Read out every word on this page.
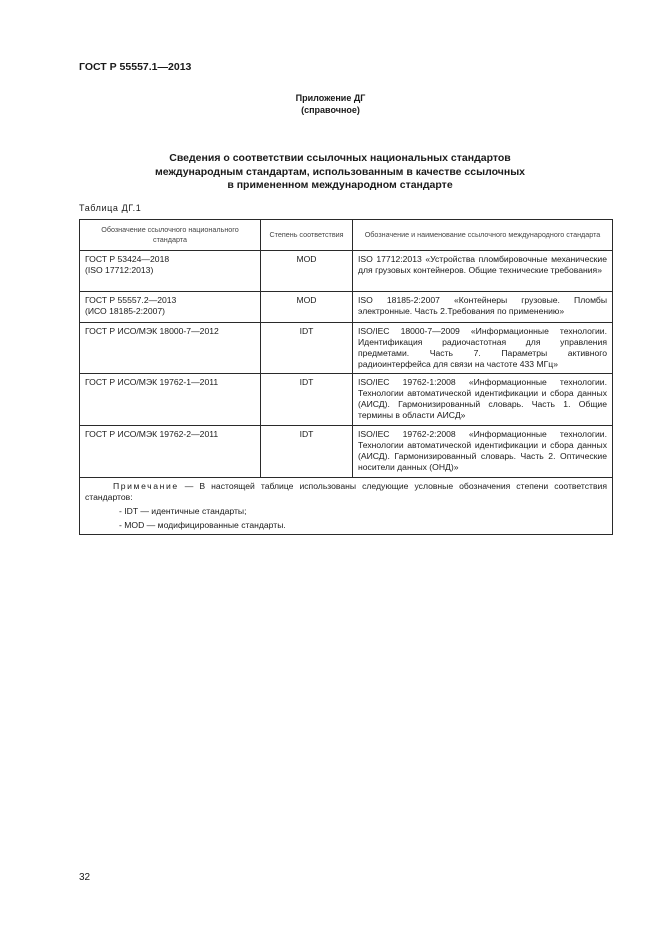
ГОСТ Р 55557.1—2013
Приложение ДГ
(справочное)
Сведения о соответствии ссылочных национальных стандартов
международным стандартам, использованным в качестве ссылочных
в примененном международном стандарте
Таблица ДГ.1
Обозначение ссылочного национального стандарта	Степень соответствия	Обозначение и наименование ссылочного международного стандарта

ГОСТ Р 53424—2018
(ISO 17712:2013)	MOD	ISO 17712:2013 «Устройства пломбировочные механические для грузовых контейнеров. Общие технические требования»

ГОСТ Р 55557.2—2013
(ИСО 18185-2:2007)	MOD	ISO 18185-2:2007 «Контейнеры грузовые. Пломбы электронные. Часть 2.Требования по применению»

ГОСТ Р ИСО/МЭК 18000-7—2012	IDT	ISO/IEC 18000-7—2009 «Информационные технологии. Идентификация радиочастотная для управления предметами. Часть 7. Параметры активного радиоинтерфейса для связи на частоте 433 МГц»

ГОСТ Р ИСО/МЭК 19762-1—2011	IDT	ISO/IEC 19762-1:2008 «Информационные технологии. Технологии автоматической идентификации и сбора данных (АИСД). Гармонизированный словарь. Часть 1. Общие термины в области АИСД»

ГОСТ Р ИСО/МЭК 19762-2—2011	IDT	ISO/IEC 19762-2:2008 «Информационные технологии. Технологии автоматической идентификации и сбора данных (АИСД). Гармонизированный словарь. Часть 2. Оптические носители данных (ОНД)»

Примечание — В настоящей таблице использованы следующие условные обозначения степени соответствия стандартов:
- IDT — идентичные стандарты;
- MOD — модифицированные стандарты.		
32
